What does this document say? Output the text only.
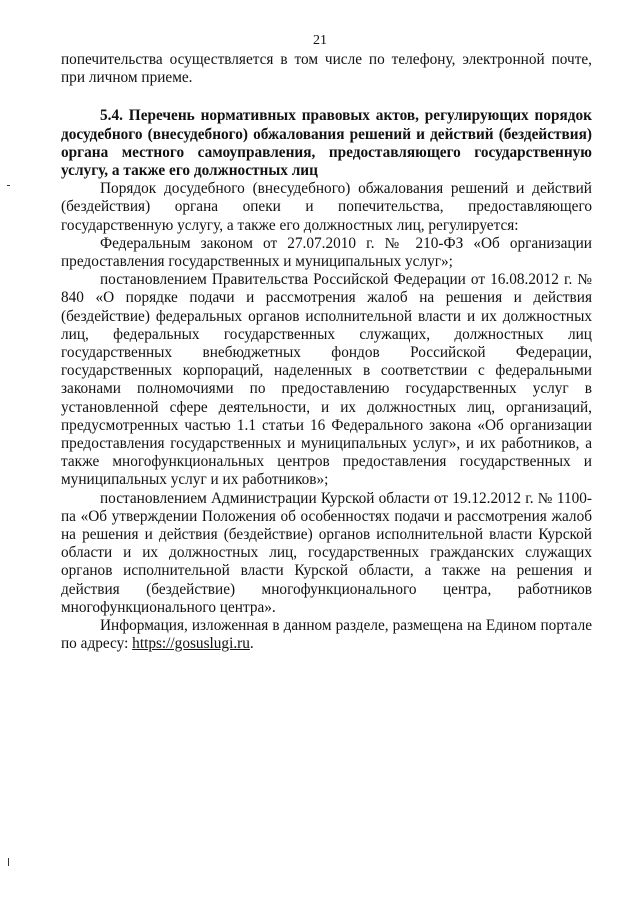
21

попечительства осуществляется в том числе по телефону, электронной почте, при личном приеме.

5.4. Перечень нормативных правовых актов, регулирующих порядок досудебного (внесудебного) обжалования решений и действий (бездействия) органа местного самоуправления, предоставляющего государственную услугу, а также его должностных лиц

Порядок досудебного (внесудебного) обжалования решений и действий (бездействия) органа опеки и попечительства, предоставляющего государственную услугу, а также его должностных лиц, регулируется:

Федеральным законом от 27.07.2010 г. № 210-ФЗ «Об организации предоставления государственных и муниципальных услуг»;

постановлением Правительства Российской Федерации от 16.08.2012 г. № 840 «О порядке подачи и рассмотрения жалоб на решения и действия (бездействие) федеральных органов исполнительной власти и их должностных лиц, федеральных государственных служащих, должностных лиц государственных внебюджетных фондов Российской Федерации, государственных корпораций, наделенных в соответствии с федеральными законами полномочиями по предоставлению государственных услуг в установленной сфере деятельности, и их должностных лиц, организаций, предусмотренных частью 1.1 статьи 16 Федерального закона «Об организации предоставления государственных и муниципальных услуг», и их работников, а также многофункциональных центров предоставления государственных и муниципальных услуг и их работников»;

постановлением Администрации Курской области от 19.12.2012 г. № 1100-па «Об утверждении Положения об особенностях подачи и рассмотрения жалоб на решения и действия (бездействие) органов исполнительной власти Курской области и их должностных лиц, государственных гражданских служащих органов исполнительной власти Курской области, а также на решения и действия (бездействие) многофункционального центра, работников многофункционального центра».

Информация, изложенная в данном разделе, размещена на Едином портале по адресу: https://gosuslugi.ru.
